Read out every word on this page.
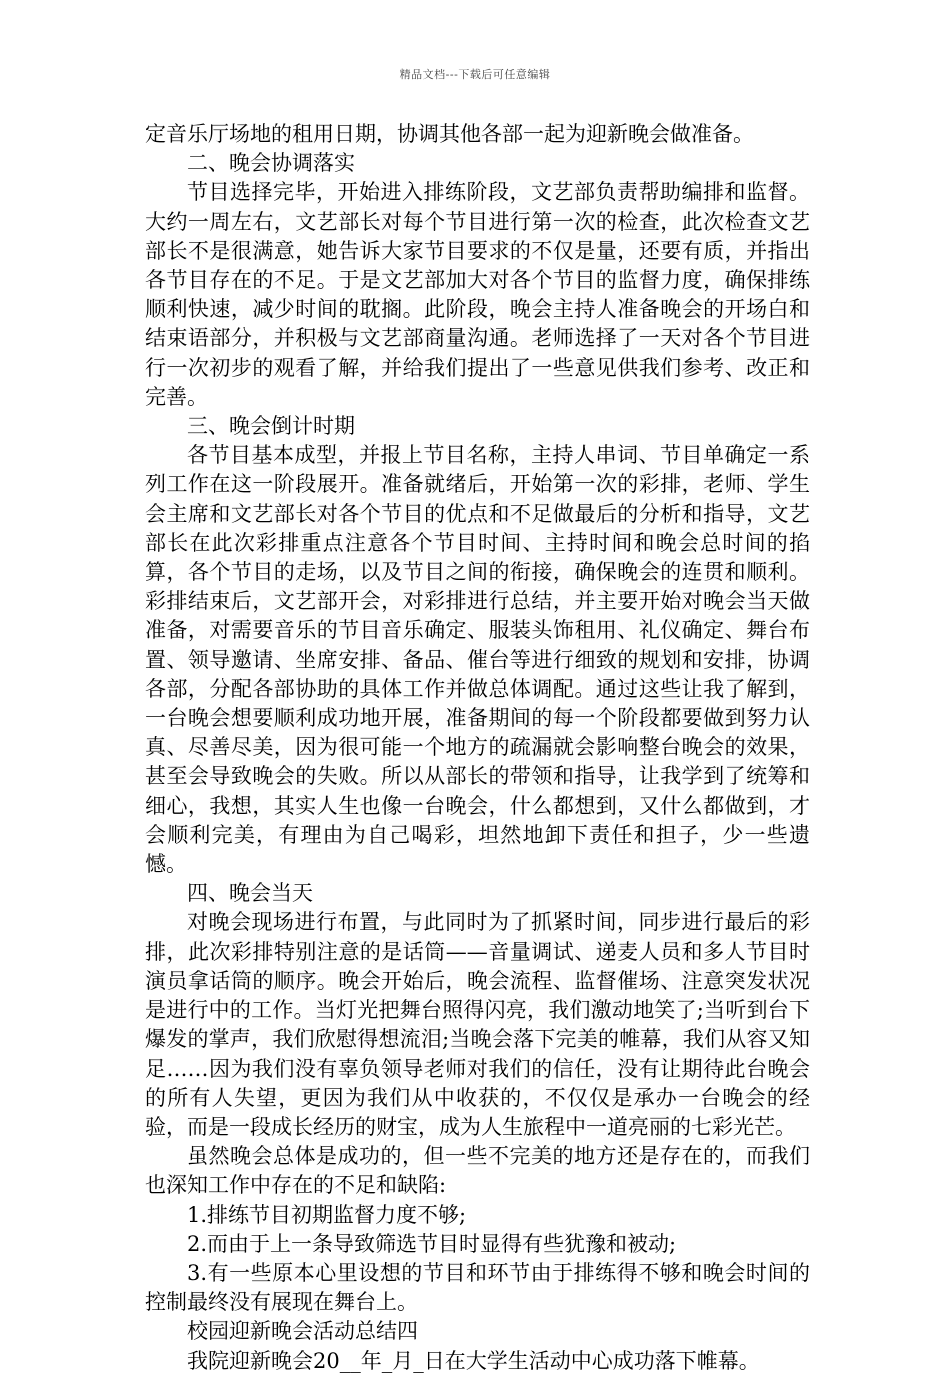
精品文档---下载后可任意编辑

定音乐厅场地的租用日期，协调其他各部一起为迎新晚会做准备。

二、晚会协调落实

节目选择完毕，开始进入排练阶段，文艺部负责帮助编排和监督。大约一周左右，文艺部长对每个节目进行第一次的检查，此次检查文艺部长不是很满意，她告诉大家节目要求的不仅是量，还要有质，并指出各节目存在的不足。于是文艺部加大对各个节目的监督力度，确保排练顺利快速，减少时间的耽搁。此阶段，晚会主持人准备晚会的开场白和结束语部分，并积极与文艺部商量沟通。老师选择了一天对各个节目进行一次初步的观看了解，并给我们提出了一些意见供我们参考、改正和完善。

三、晚会倒计时期

各节目基本成型，并报上节目名称，主持人串词、节目单确定一系列工作在这一阶段展开。准备就绪后，开始第一次的彩排，老师、学生会主席和文艺部长对各个节目的优点和不足做最后的分析和指导，文艺部长在此次彩排重点注意各个节目时间、主持时间和晚会总时间的掐算，各个节目的走场，以及节目之间的衔接，确保晚会的连贯和顺利。彩排结束后，文艺部开会，对彩排进行总结，并主要开始对晚会当天做准备，对需要音乐的节目音乐确定、服装头饰租用、礼仪确定、舞台布置、领导邀请、坐席安排、备品、催台等进行细致的规划和安排，协调各部，分配各部协助的具体工作并做总体调配。通过这些让我了解到，一台晚会想要顺利成功地开展，准备期间的每一个阶段都要做到努力认真、尽善尽美，因为很可能一个地方的疏漏就会影响整台晚会的效果，甚至会导致晚会的失败。所以从部长的带领和指导，让我学到了统筹和细心，我想，其实人生也像一台晚会，什么都想到，又什么都做到，才会顺利完美，有理由为自己喝彩，坦然地卸下责任和担子，少一些遗憾。

四、晚会当天

对晚会现场进行布置，与此同时为了抓紧时间，同步进行最后的彩排，此次彩排特别注意的是话筒——音量调试、递麦人员和多人节目时演员拿话筒的顺序。晚会开始后，晚会流程、监督催场、注意突发状况是进行中的工作。当灯光把舞台照得闪亮，我们激动地笑了;当听到台下爆发的掌声，我们欣慰得想流泪;当晚会落下完美的帷幕，我们从容又知足……因为我们没有辜负领导老师对我们的信任，没有让期待此台晚会的所有人失望，更因为我们从中收获的，不仅仅是承办一台晚会的经验，而是一段成长经历的财宝，成为人生旅程中一道亮丽的七彩光芒。

虽然晚会总体是成功的，但一些不完美的地方还是存在的，而我们也深知工作中存在的不足和缺陷:

1.排练节目初期监督力度不够;

2.而由于上一条导致筛选节目时显得有些犹豫和被动;

3.有一些原本心里设想的节目和环节由于排练得不够和晚会时间的控制最终没有展现在舞台上。

校园迎新晚会活动总结四

我院迎新晚会20__年_月_日在大学生活动中心成功落下帷幕。
